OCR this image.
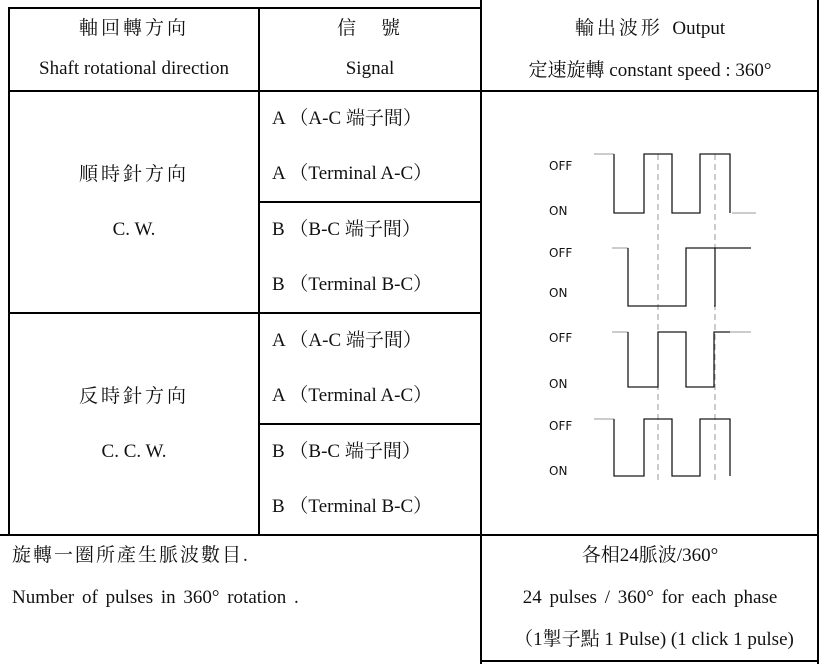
軸回轉方向
Shaft rotational direction
信　號
Signal
輸出波形 Output
定速旋轉 constant speed : 360°
順時針方向
C. W.
A （A-C 端子間）
A （Terminal A-C）
B （B-C 端子間）
B （Terminal B-C）
反時針方向
C. C. W.
A （A-C 端子間）
A （Terminal A-C）
B （B-C 端子間）
B （Terminal B-C）
OFF
ON
OFF
ON
OFF
ON
OFF
ON
旋轉一圈所產生脈波數目.
Number of pulses in 360° rotation .
各相24脈波/360°
24 pulses / 360° for each phase
（1掣子點 1 Pulse) (1 click 1 pulse)
